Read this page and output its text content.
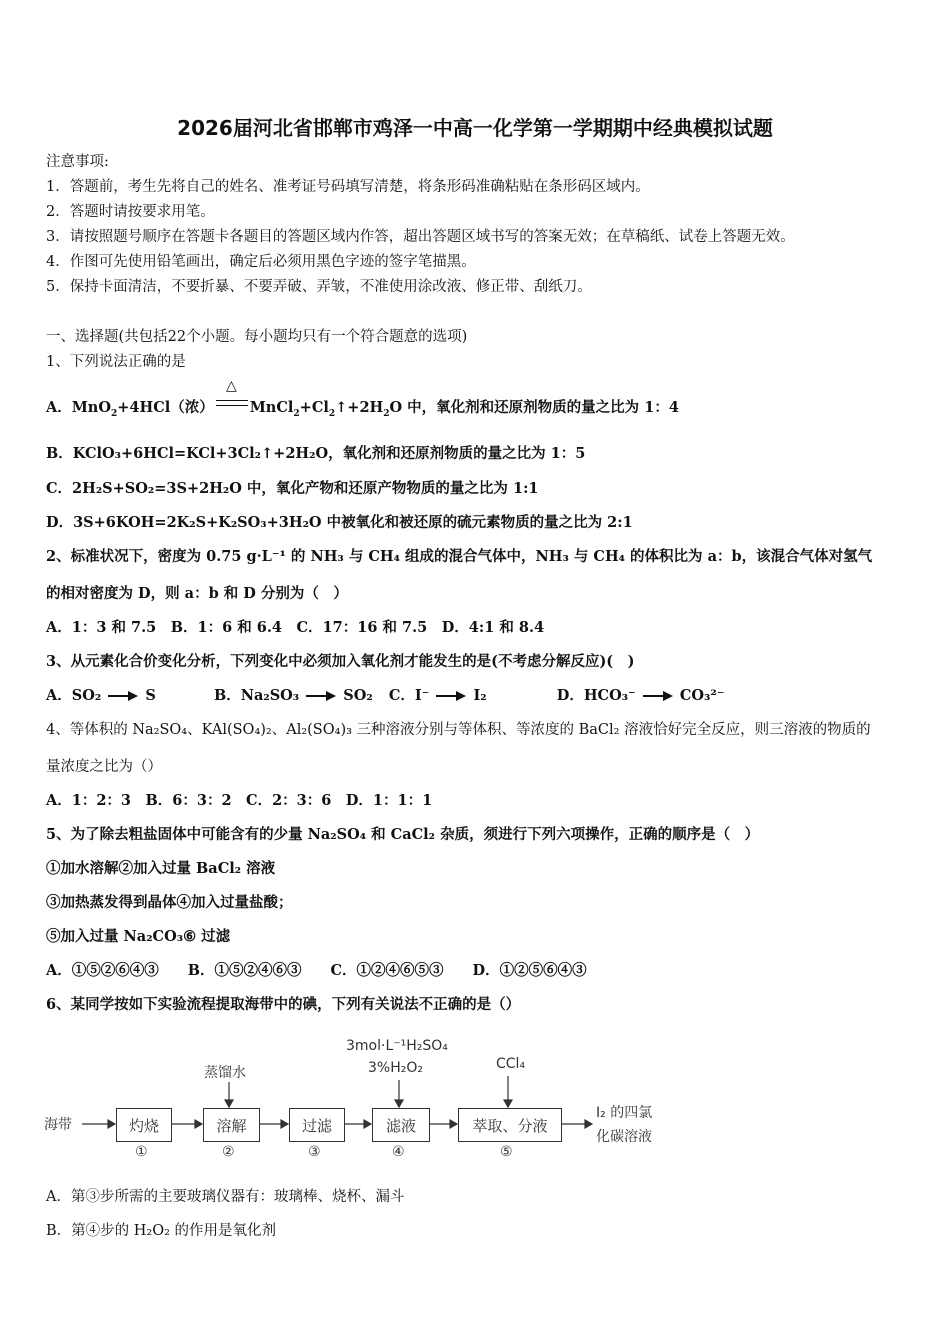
2026届河北省邯郸市鸡泽一中高一化学第一学期期中经典模拟试题
注意事项:
1．答题前，考生先将自己的姓名、准考证号码填写清楚，将条形码准确粘贴在条形码区域内。
2．答题时请按要求用笔。
3．请按照题号顺序在答题卡各题目的答题区域内作答，超出答题区域书写的答案无效；在草稿纸、试卷上答题无效。
4．作图可先使用铅笔画出，确定后必须用黑色字迹的签字笔描黑。
5．保持卡面清洁，不要折暴、不要弄破、弄皱，不准使用涂改液、修正带、刮纸刀。
一、选择题(共包括22个小题。每小题均只有一个符合题意的选项)
1、下列说法正确的是
A．MnO$_2$+4HCl（浓） $MnCl_2+Cl_2↑+2H_2O$ 中，氧化剂和还原剂物质的量之比为 1：4
△
B．KClO₃+6HCl=KCl+3Cl₂↑+2H₂O，氧化剂和还原剂物质的量之比为 1：5
C．2H₂S+SO₂=3S+2H₂O 中，氧化产物和还原产物物质的量之比为 1:1
D．3S+6KOH=2K₂S+K₂SO₃+3H₂O 中被氧化和被还原的硫元素物质的量之比为 2:1
2、标准状况下，密度为 0.75 g·L⁻¹ 的 NH₃ 与 CH₄ 组成的混合气体中，NH₃ 与 CH₄ 的体积比为 a：b，该混合气体对氢气
的相对密度为 D，则 a：b 和 D 分别为（　）
A．1：3 和 7.5　B．1：6 和 6.4　C．17：16 和 7.5　D．4:1 和 8.4
3、从元素化合价变化分析，下列变化中必须加入氧化剂才能发生的是(不考虑分解反应)(　)
A．SO₂	S	B．Na₂SO₃	SO₂ C．I⁻	I₂	D．HCO₃⁻	CO₃²⁻
4、等体积的 Na₂SO₄、KAl(SO₄)₂、Al₂(SO₄)₃ 三种溶液分别与等体积、等浓度的 BaCl₂ 溶液恰好完全反应，则三溶液的物质的
量浓度之比为（）
A．1：2：3　B．6：3：2　C．2：3：6　D．1：1：1
5、为了除去粗盐固体中可能含有的少量 Na₂SO₄ 和 CaCl₂ 杂质，须进行下列六项操作，正确的顺序是（　）
①加水溶解②加入过量 BaCl₂ 溶液
③加热蒸发得到晶体④加入过量盐酸；
⑤加入过量 Na₂CO₃⑥ 过滤
A．①⑤②⑥④③　　B．①⑤②④⑥③　　C．①②④⑥⑤③　　D．①②⑤⑥④③
6、某同学按如下实验流程提取海带中的碘，下列有关说法不正确的是（）
海带	灼烧	溶解	过滤	滤液	萃取、分液
①	②	③	④	⑤
蒸馏水
3mol·L⁻¹H₂SO₄
3%H₂O₂	CCl₄
I₂ 的四氯
化碳溶液
A．第③步所需的主要玻璃仪器有：玻璃棒、烧杯、漏斗
B．第④步的 H₂O₂ 的作用是氧化剂
